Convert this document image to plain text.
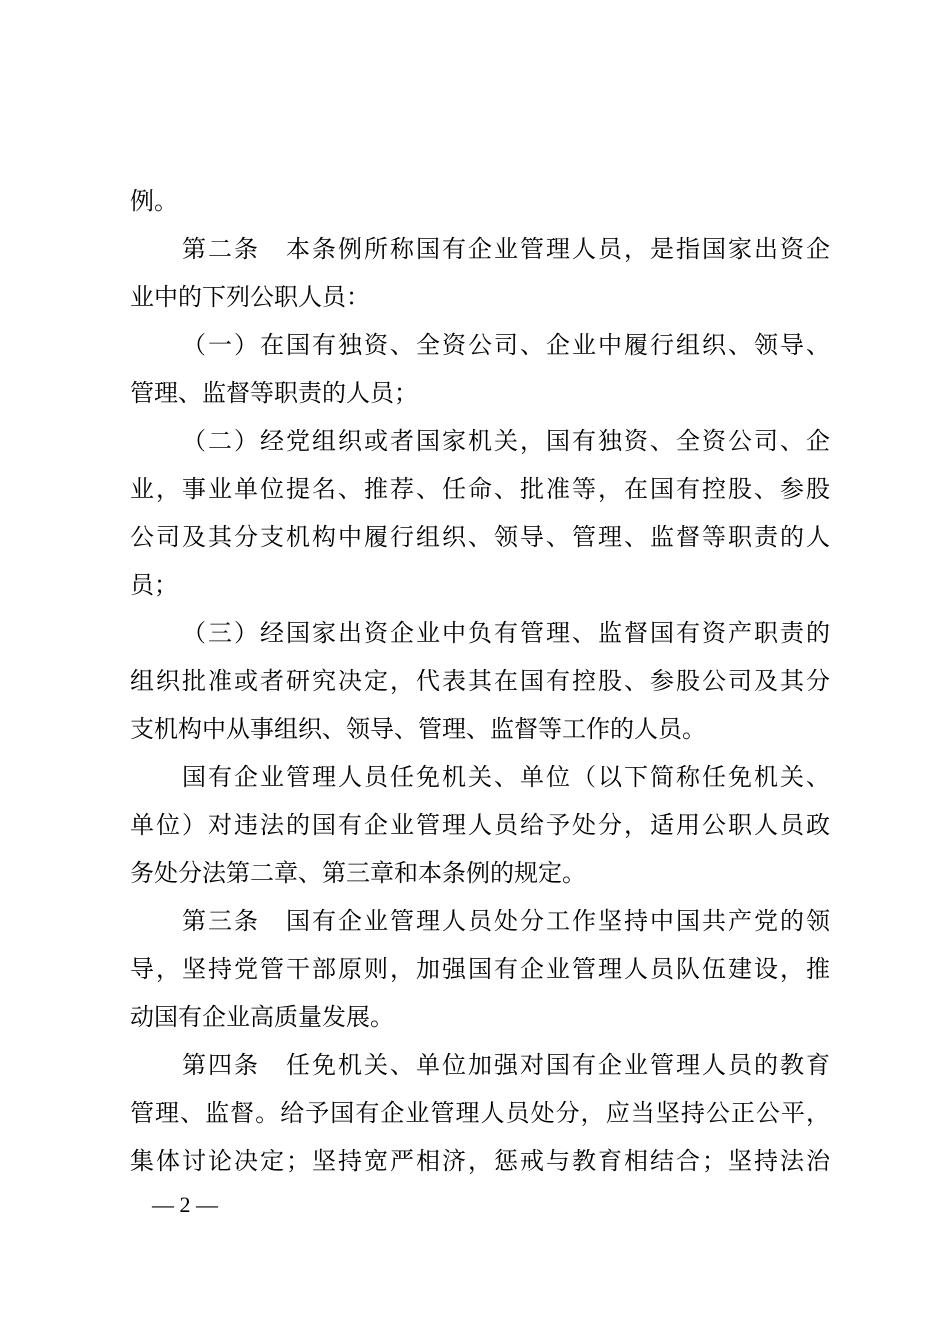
例。
第二条　本条例所称国有企业管理人员，是指国家出资企
业中的下列公职人员：
（一）在国有独资、全资公司、企业中履行组织、领导、
管理、监督等职责的人员；
（二）经党组织或者国家机关，国有独资、全资公司、企
业，事业单位提名、推荐、任命、批准等，在国有控股、参股
公司及其分支机构中履行组织、领导、管理、监督等职责的人
员；
（三）经国家出资企业中负有管理、监督国有资产职责的
组织批准或者研究决定，代表其在国有控股、参股公司及其分
支机构中从事组织、领导、管理、监督等工作的人员。
国有企业管理人员任免机关、单位（以下简称任免机关、
单位）对违法的国有企业管理人员给予处分，适用公职人员政
务处分法第二章、第三章和本条例的规定。
第三条　国有企业管理人员处分工作坚持中国共产党的领
导，坚持党管干部原则，加强国有企业管理人员队伍建设，推
动国有企业高质量发展。
第四条　任免机关、单位加强对国有企业管理人员的教育
管理、监督。给予国有企业管理人员处分，应当坚持公正公平，
集体讨论决定；坚持宽严相济，惩戒与教育相结合；坚持法治
— 2 —
